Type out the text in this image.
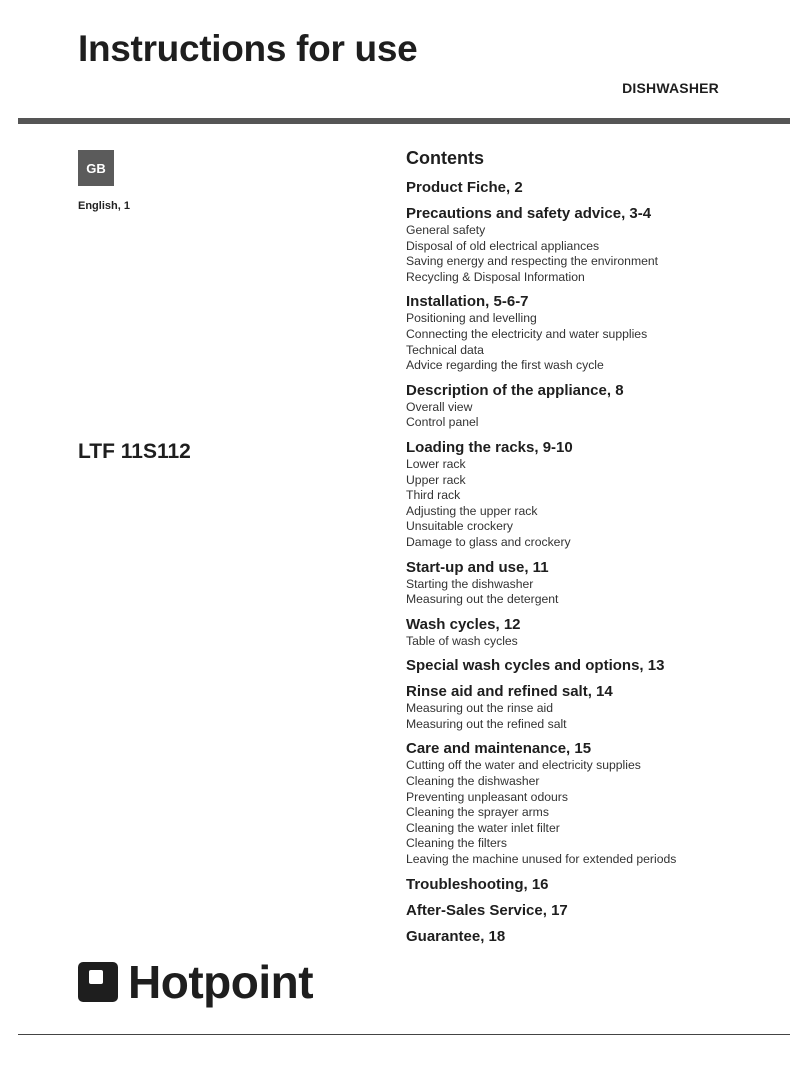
Instructions for use
DISHWASHER
GB
English, 1
LTF 11S112
Contents
Product Fiche, 2
Precautions and safety advice, 3-4
General safety
Disposal of old electrical appliances
Saving energy and respecting the environment
Recycling & Disposal Information
Installation, 5-6-7
Positioning and levelling
Connecting the electricity and water supplies
Technical data
Advice regarding the first wash cycle
Description of the appliance, 8
Overall view
Control panel
Loading the racks, 9-10
Lower rack
Upper rack
Third rack
Adjusting the upper rack
Unsuitable crockery
Damage to glass and crockery
Start-up and use, 11
Starting the dishwasher
Measuring out the detergent
Wash cycles, 12
Table of wash cycles
Special wash cycles and options, 13
Rinse aid and refined salt, 14
Measuring out the rinse aid
Measuring out the refined salt
Care and maintenance, 15
Cutting off the water and electricity supplies
Cleaning the dishwasher
Preventing unpleasant odours
Cleaning the sprayer arms
Cleaning the water inlet filter
Cleaning the filters
Leaving the machine unused for extended periods
Troubleshooting, 16
After-Sales Service, 17
Guarantee, 18
Hotpoint
